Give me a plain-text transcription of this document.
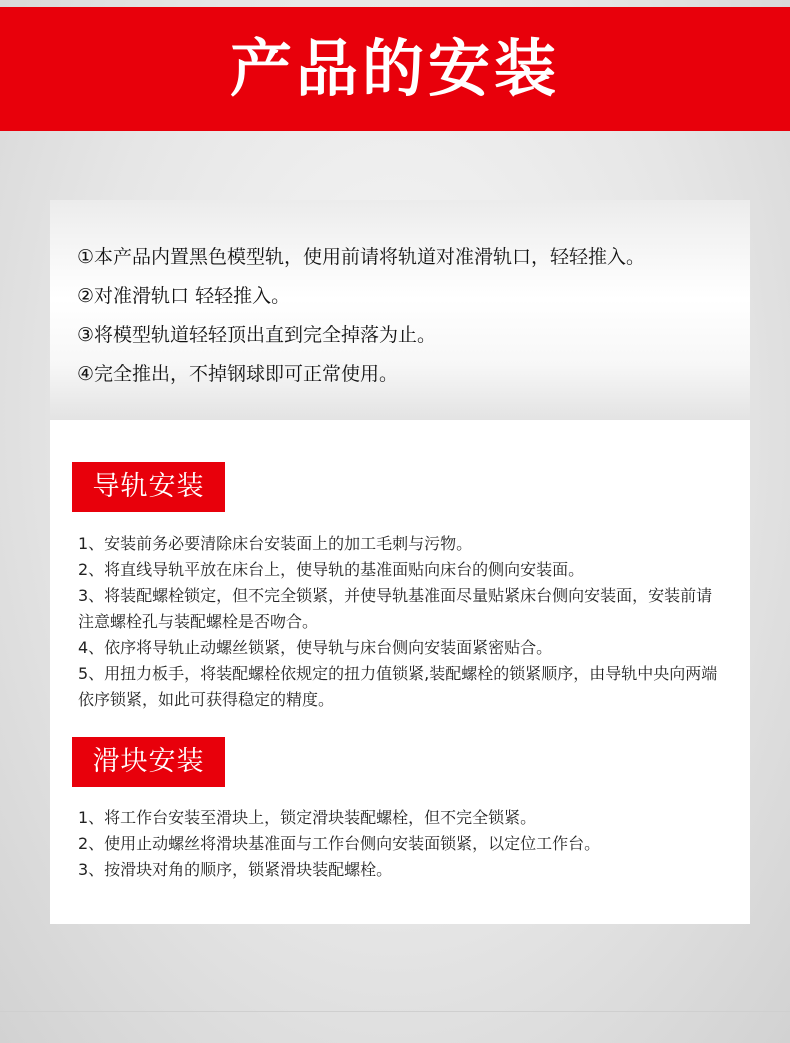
产品的安装
①本产品内置黑色模型轨，使用前请将轨道对准滑轨口，轻轻推入。
②对准滑轨口 轻轻推入。
③将模型轨道轻轻顶出直到完全掉落为止。
④完全推出，不掉钢球即可正常使用。
导轨安装
1、安装前务必要清除床台安装面上的加工毛刺与污物。
2、将直线导轨平放在床台上，使导轨的基准面贴向床台的侧向安装面。
3、将装配螺栓锁定，但不完全锁紧，并使导轨基准面尽量贴紧床台侧向安装面，安装前请注意螺栓孔与装配螺栓是否吻合。
4、依序将导轨止动螺丝锁紧，使导轨与床台侧向安装面紧密贴合。
5、用扭力板手，将装配螺栓依规定的扭力值锁紧,装配螺栓的锁紧顺序，由导轨中央向两端依序锁紧，如此可获得稳定的精度。
滑块安装
1、将工作台安装至滑块上，锁定滑块装配螺栓，但不完全锁紧。
2、使用止动螺丝将滑块基准面与工作台侧向安装面锁紧，以定位工作台。
3、按滑块对角的顺序，锁紧滑块装配螺栓。
